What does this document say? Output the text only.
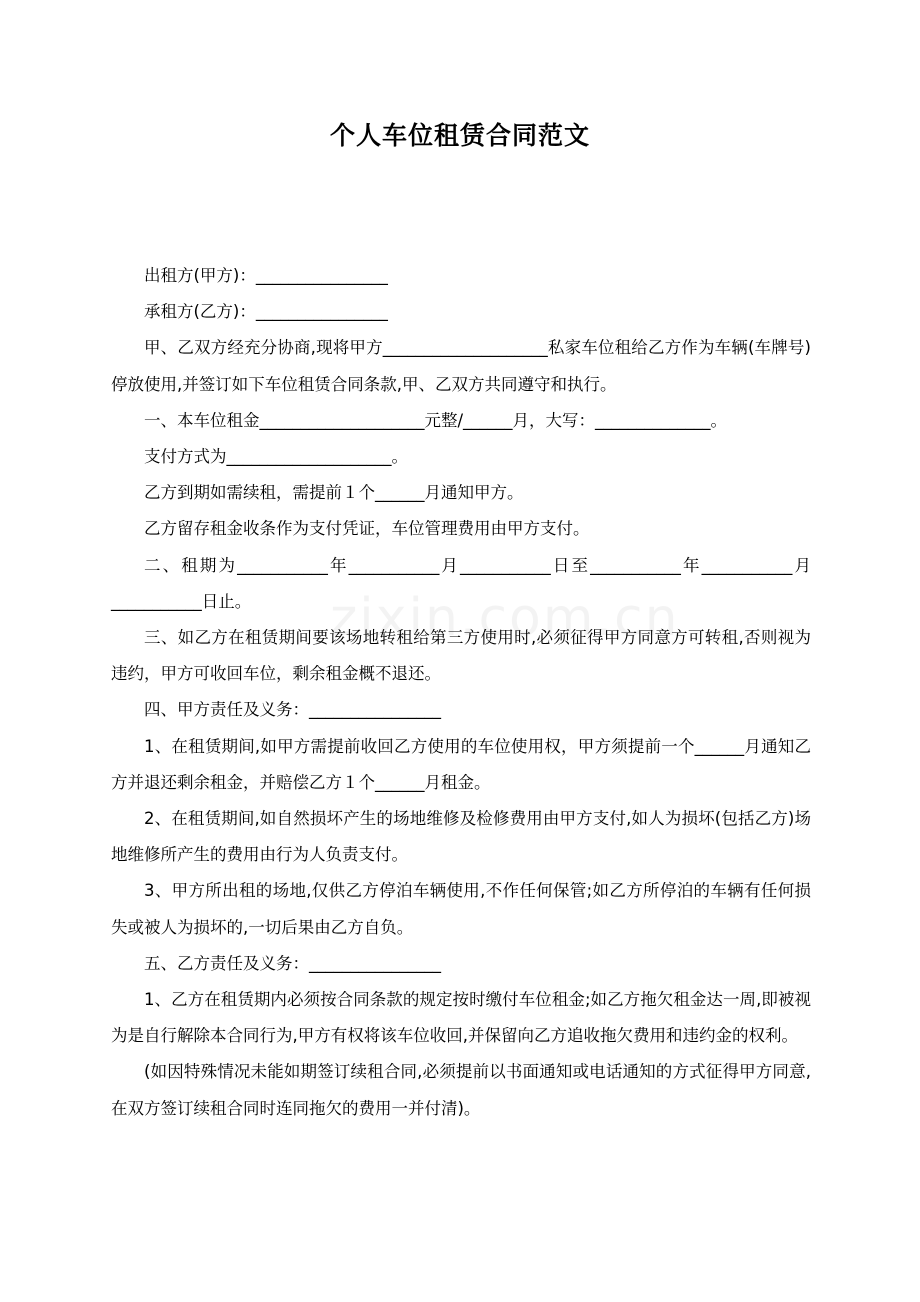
个人车位租赁合同范文

出租方(甲方)：________________

承租方(乙方)：________________

甲、乙双方经充分协商,现将甲方____________________私家车位租给乙方作为车辆(车牌号)停放使用,并签订如下车位租赁合同条款,甲、乙双方共同遵守和执行。

一、本车位租金____________________元整/______月，大写：______________。

支付方式为____________________。

乙方到期如需续租，需提前１个______月通知甲方。

乙方留存租金收条作为支付凭证，车位管理费用由甲方支付。

二、租期为___________年___________月___________日至___________年___________月___________日止。

三、如乙方在租赁期间要该场地转租给第三方使用时,必须征得甲方同意方可转租,否则视为违约，甲方可收回车位，剩余租金概不退还。

四、甲方责任及义务：________________

1、在租赁期间,如甲方需提前收回乙方使用的车位使用权，甲方须提前一个______月通知乙方并退还剩余租金，并赔偿乙方１个______月租金。

2、在租赁期间,如自然损坏产生的场地维修及检修费用由甲方支付,如人为损坏(包括乙方)场地维修所产生的费用由行为人负责支付。

3、甲方所出租的场地,仅供乙方停泊车辆使用,不作任何保管;如乙方所停泊的车辆有任何损失或被人为损坏的,一切后果由乙方自负。

五、乙方责任及义务：________________

1、乙方在租赁期内必须按合同条款的规定按时缴付车位租金;如乙方拖欠租金达一周,即被视为是自行解除本合同行为,甲方有权将该车位收回,并保留向乙方追收拖欠费用和违约金的权利。

(如因特殊情况未能如期签订续租合同,必须提前以书面通知或电话通知的方式征得甲方同意,在双方签订续租合同时连同拖欠的费用一并付清)。
